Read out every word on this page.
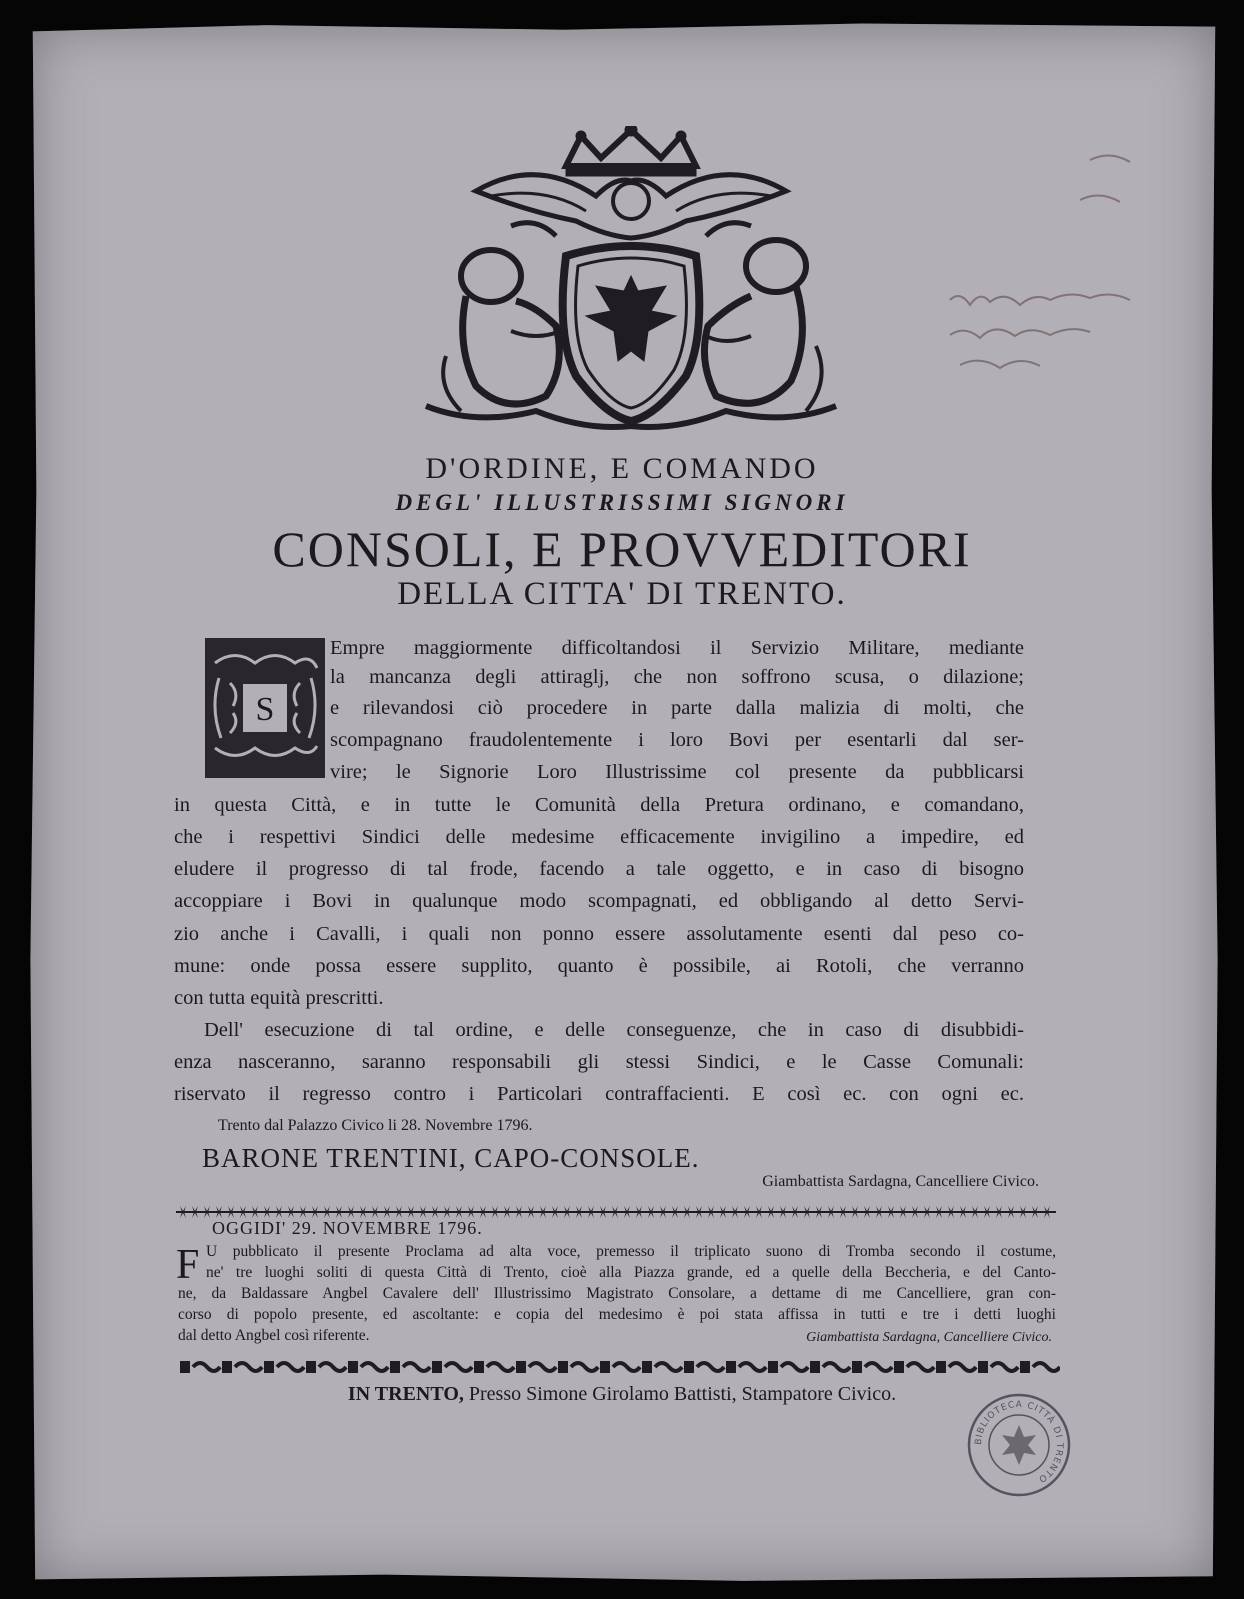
D'ORDINE, E COMANDO
DEGL' ILLUSTRISSIMI SIGNORI
CONSOLI, E PROVVEDITORI
DELLA CITTA' DI TRENTO.
S
Empre maggiormente difficoltandosi il Servizio Militare, mediante
la mancanza degli attiraglj, che non soffrono scusa, o dilazione;
e rilevandosi ciò procedere in parte dalla malizia di molti, che
scompagnano fraudolentemente i loro Bovi per esentarli dal ser-
vire; le Signorie Loro Illustrissime col presente da pubblicarsi
in questa Città, e in tutte le Comunità della Pretura ordinano, e comandano,
che i respettivi Sindici delle medesime efficacemente invigilino a impedire, ed
eludere il progresso di tal frode, facendo a tale oggetto, e in caso di bisogno
accoppiare i Bovi in qualunque modo scompagnati, ed obbligando al detto Servi-
zio anche i Cavalli, i quali non ponno essere assolutamente esenti dal peso co-
mune: onde possa essere supplito, quanto è possibile, ai Rotoli, che verranno
con tutta equità prescritti.
Dell' esecuzione di tal ordine, e delle conseguenze, che in caso di disubbidi-
enza nasceranno, saranno responsabili gli stessi Sindici, e le Casse Comunali:
riservato il regresso contro i Particolari contraffacienti. E così ec. con ogni ec.
Trento dal Palazzo Civico li 28. Novembre 1796.
BARONE TRENTINI, CAPO-CONSOLE.
Giambattista Sardagna, Cancelliere Civico.
OGGIDI' 29. NOVEMBRE 1796.
F U pubblicato il presente Proclama ad alta voce, premesso il triplicato suono di Tromba secondo il costume,
ne' tre luoghi soliti di questa Città di Trento, cioè alla Piazza grande, ed a quelle della Beccheria, e del Canto-
ne, da Baldassare Angbel Cavalere dell' Illustrissimo Magistrato Consolare, a dettame di me Cancelliere, gran con-
corso di popolo presente, ed ascoltante: e copia del medesimo è poi stata affissa in tutti e tre i detti luoghi
dal detto Angbel così riferente.	Giambattista Sardagna, Cancelliere Civico.
IN TRENTO, Presso Simone Girolamo Battisti, Stampatore Civico.
BIBLIOTECA CITTÀ DI TRENTO
